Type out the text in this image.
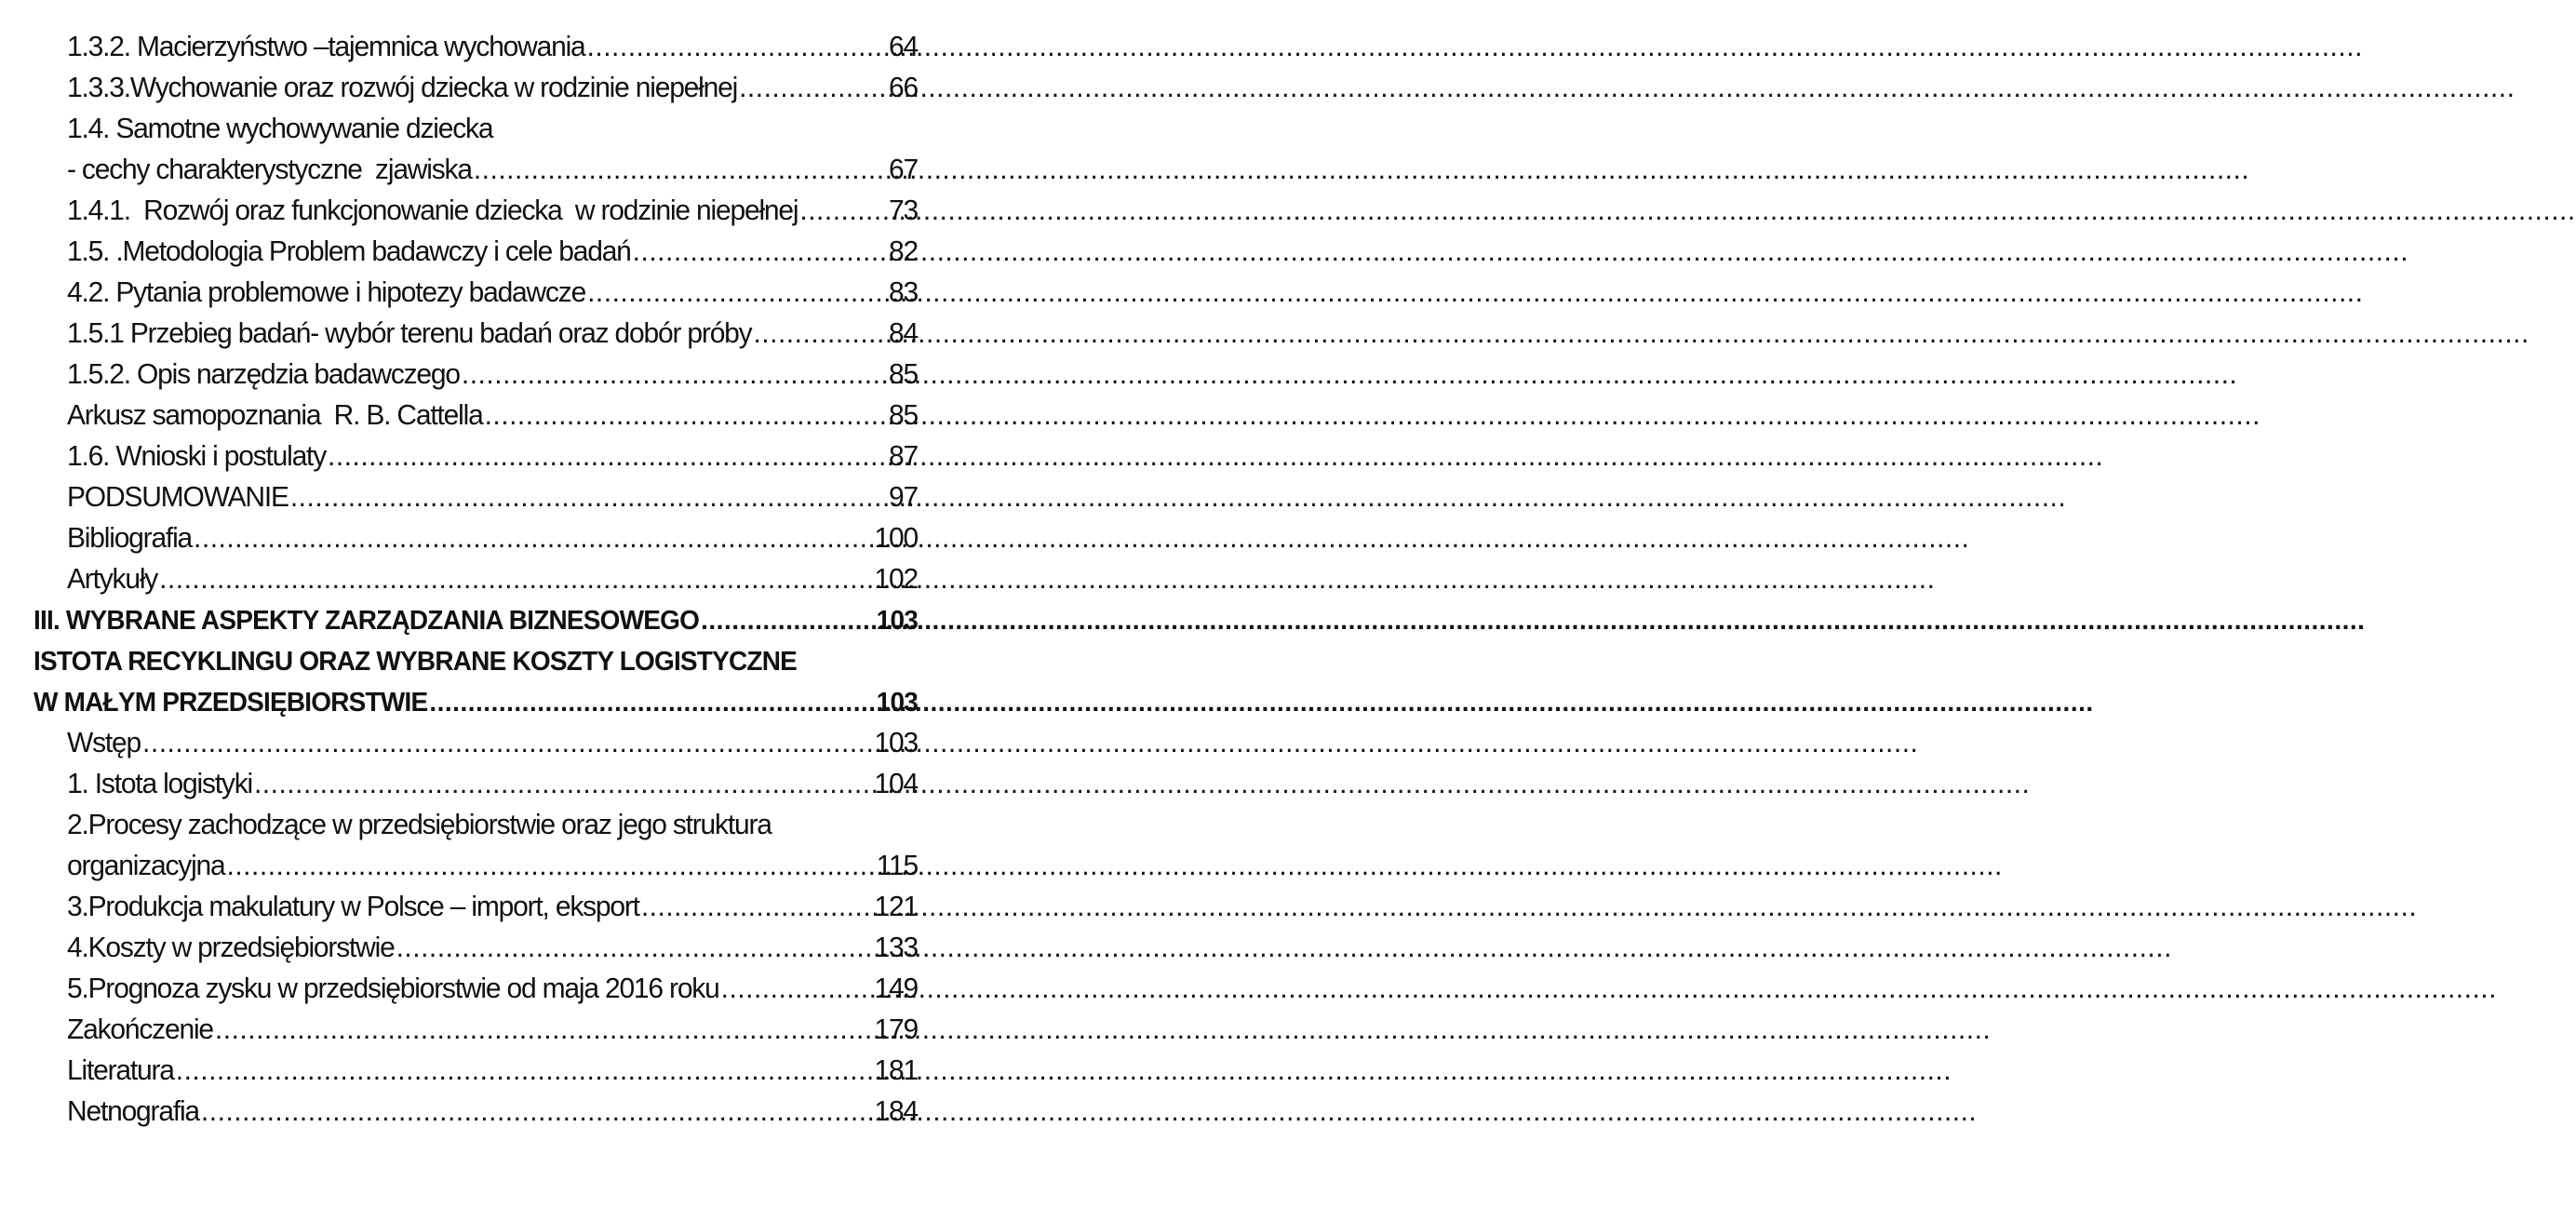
1.3.2. Macierzyństwo –tajemnica wychowania .....	64
1.3.3.Wychowanie oraz rozwój dziecka w rodzinie niepełnej .....	66
1.4. Samotne wychowywanie dziecka
- cechy charakterystyczne  zjawiska .....	67
1.4.1.  Rozwój oraz funkcjonowanie dziecka  w rodzinie niepełnej .....	73
1.5. .Metodologia Problem badawczy i cele badań .....	82
4.2. Pytania problemowe i hipotezy badawcze .....	83
1.5.1 Przebieg badań- wybór terenu badań oraz dobór próby .....	84
1.5.2. Opis narzędzia badawczego .....	85
Arkusz samopoznania  R. B. Cattella .....	85
1.6. Wnioski i postulaty .....	87
PODSUMOWANIE .....	97
Bibliografia .....	100
Artykuły .....	102
III. WYBRANE ASPEKTY ZARZĄDZANIA BIZNESOWEGO .....	103
ISTOTA RECYKLINGU ORAZ WYBRANE KOSZTY LOGISTYCZNE
W MAŁYM PRZEDSIĘBIORSTWIE .....	103
Wstęp .....	103
1. Istota logistyki .....	104
2.Procesy zachodzące w przedsiębiorstwie oraz jego struktura
organizacyjna .....	115
3.Produkcja makulatury w Polsce – import, eksport .....	121
4.Koszty w przedsiębiorstwie .....	133
5.Prognoza zysku w przedsiębiorstwie od maja 2016 roku .....	149
Zakończenie .....	179
Literatura .....	181
Netnografia .....	184
